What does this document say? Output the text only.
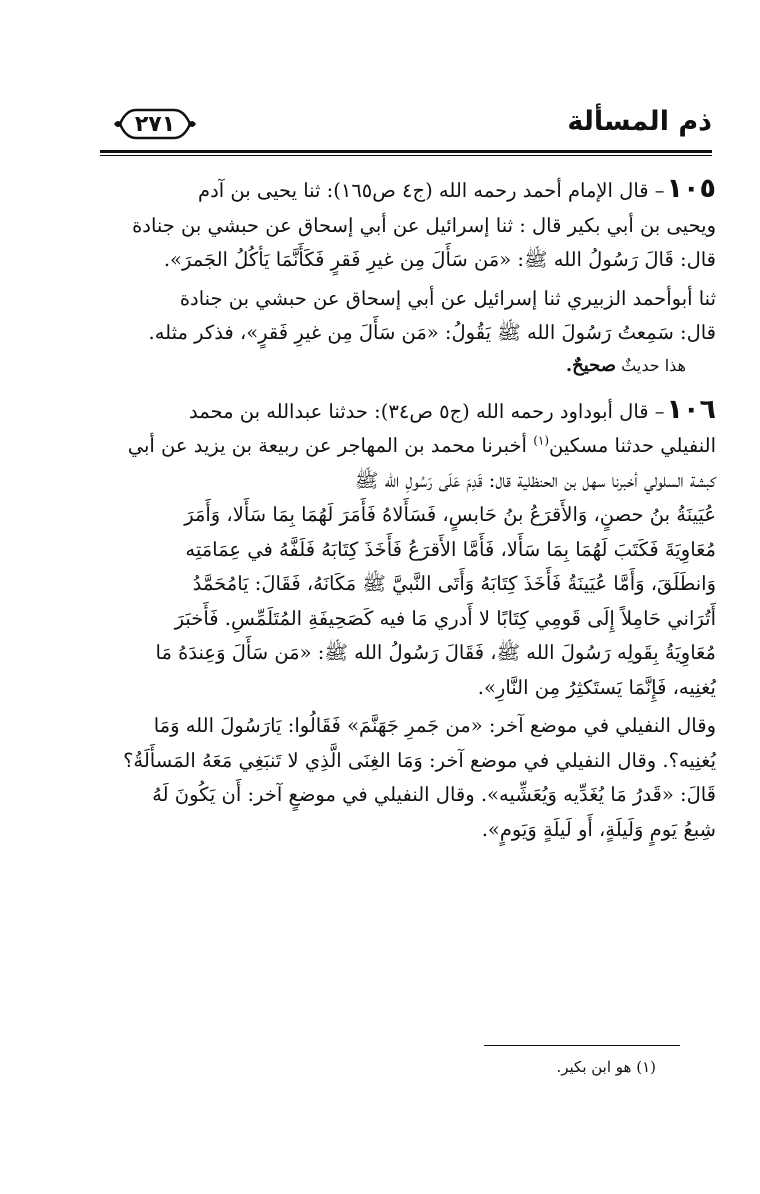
ذم المسألة
٢٧١

١٠٥– قال الإمام أحمد رحمه الله (ج٤ ص١٦٥): ثنا يحيى بن آدم

ويحيى بن أبي بكير قال : ثنا إسرائيل عن أبي إسحاق عن حبشي بن جنادة

قال: قَالَ رَسُولُ الله ﷺ: «مَن سَأَلَ مِن غيرِ فَقرٍ فَكَأَنَّمَا يَأكُلُ الجَمرَ».

ثنا أبوأحمد الزبيري ثنا إسرائيل عن أبي إسحاق عن حبشي بن جنادة

قال: سَمِعتُ رَسُولَ الله ﷺ يَقُولُ: «مَن سَأَلَ مِن غيرِ فَقرٍ»، فذكر مثله.

هذا حديثٌ صحيحٌ.

١٠٦– قال أبوداود رحمه الله (ج٥ ص٣٤): حدثنا عبدالله بن محمد

النفيلي حدثنا مسكين$^{(١)}$ أخبرنا محمد بن المهاجر عن ربيعة بن يزيد عن أبي

كبشة السلولي أخبرنا سهل بن الحنظلية قال: قَدِمَ عَلَى رَسُولِ الله ﷺ

عُيَينَةُ بنُ حصنٍ، وَالأَقرَعُ بنُ حَابسٍ، فَسَأَلاهُ فَأَمَرَ لَهُمَا بِمَا سَأَلا، وَأَمَرَ

مُعَاوِيَةَ فَكَتَبَ لَهُمَا بِمَا سَأَلا، فَأَمَّا الأَقرَعُ فَأَخَذَ كِتَابَهُ فَلَفَّهُ في عِمَامَتِه

وَانطَلَقَ، وَأَمَّا عُيَينَةُ فَأَخَذَ كِتَابَهُ وَأَتَى النَّبيَّ ﷺ مَكَانَهُ، فَقَالَ: يَامُحَمَّدُ

أَتُرَاني حَامِلاً إِلَى قَومِي كِتَابًا لا أَدري مَا فيه كَصَحِيفَةِ المُتَلَمِّسِ. فَأَخبَرَ

مُعَاوِيَةُ بِقَولِه رَسُولَ الله ﷺ، فَقَالَ رَسُولُ الله ﷺ: «مَن سَأَلَ وَعِندَهُ مَا

يُغنِيه، فَإِنَّمَا يَستَكثِرُ مِن النَّارِ».

وقال النفيلي في موضع آخر: «من جَمرِ جَهَنَّمَ» فَقَالُوا: يَارَسُولَ الله وَمَا

يُغنِيه؟. وقال النفيلي في موضع آخر: وَمَا الغِنَى الَّذِي لا تَنبَغِي مَعَهُ المَسأَلَةُ؟

قَالَ: «قَدرُ مَا يُغَدِّيه وَيُعَشِّيه». وقال النفيلي في موضعٍ آخر: أَن يَكُونَ لَهُ

شِبعُ يَومٍ وَلَيلَةٍ، أَو لَيلَةٍ وَيَومٍ».

(١) هو ابن بكير.
